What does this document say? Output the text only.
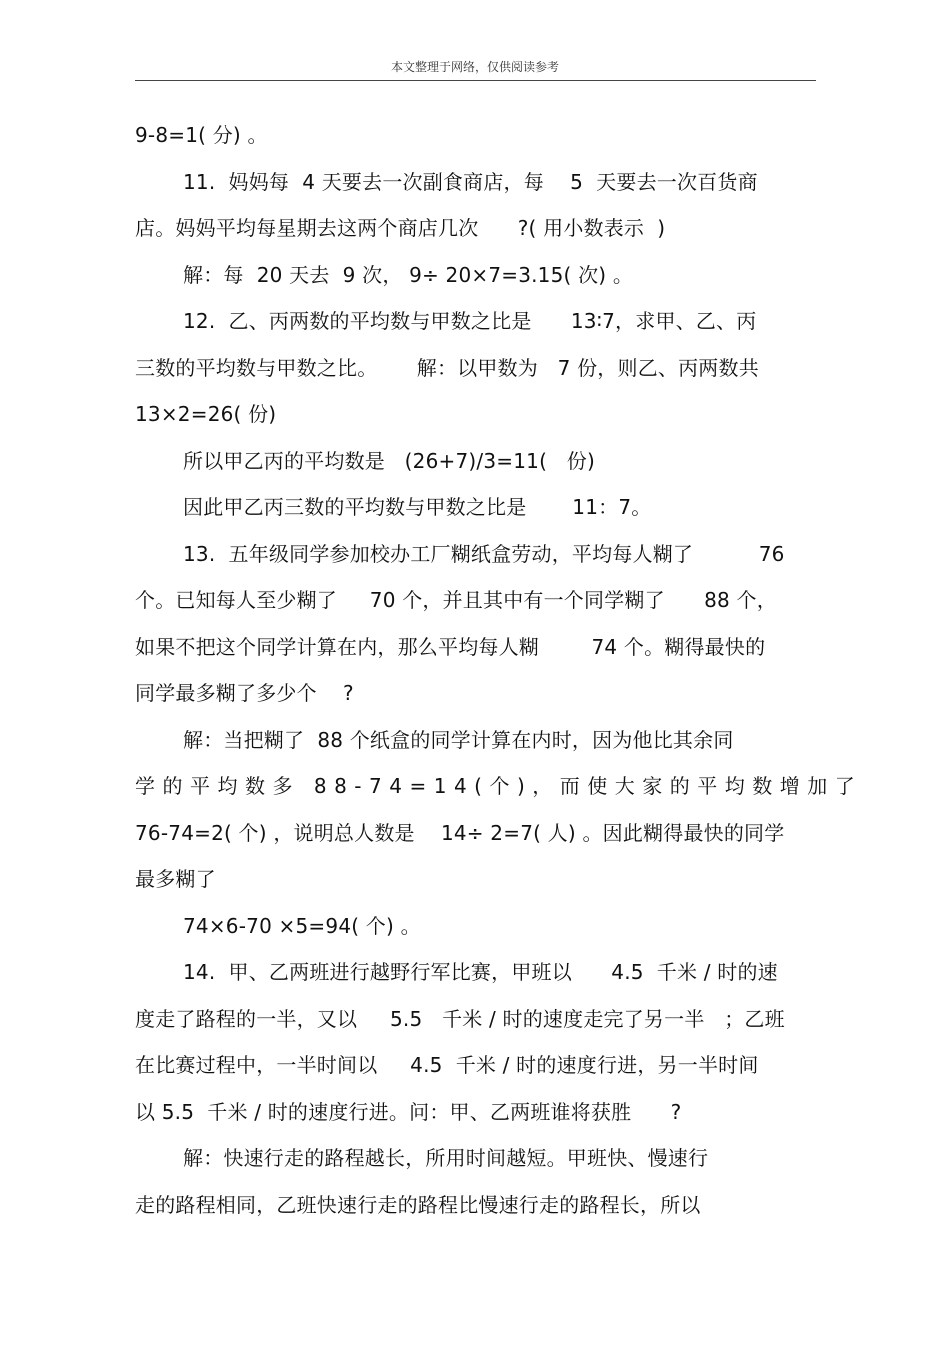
本文整理于网络，仅供阅读参考
9-8=1( 分) 。
11.  妈妈每  4 天要去一次副食商店，每    5  天要去一次百货商
店。妈妈平均每星期去这两个商店几次      ?( 用小数表示  )
解：每  20 天去  9 次， 9÷ 20×7=3.15( 次) 。
12.  乙、丙两数的平均数与甲数之比是      13∶7，求甲、乙、丙
三数的平均数与甲数之比。      解：以甲数为   7 份，则乙、丙两数共
13×2=26( 份)
所以甲乙丙的平均数是   (26+7)/3=11(   份)
因此甲乙丙三数的平均数与甲数之比是       11：7。
13.  五年级同学参加校办工厂糊纸盒劳动，平均每人糊了          76
个。已知每人至少糊了     70 个，并且其中有一个同学糊了      88 个，
如果不把这个同学计算在内，那么平均每人糊        74 个。糊得最快的
同学最多糊了多少个    ?
解：当把糊了  88 个纸盒的同学计算在内时，因为他比其余同
学的平均数多 88-74=14(个)，而使大家的平均数增加了
76-74=2( 个) ，说明总人数是    14÷ 2=7( 人) 。因此糊得最快的同学
最多糊了
74×6-70 ×5=94( 个) 。
14.  甲、乙两班进行越野行军比赛，甲班以      4.5  千米 / 时的速
度走了路程的一半，又以     5.5   千米 / 时的速度走完了另一半   ；乙班
在比赛过程中，一半时间以     4.5  千米 / 时的速度行进，另一半时间
以 5.5  千米 / 时的速度行进。问：甲、乙两班谁将获胜      ?
解：快速行走的路程越长，所用时间越短。甲班快、慢速行
走的路程相同，乙班快速行走的路程比慢速行走的路程长，所以
